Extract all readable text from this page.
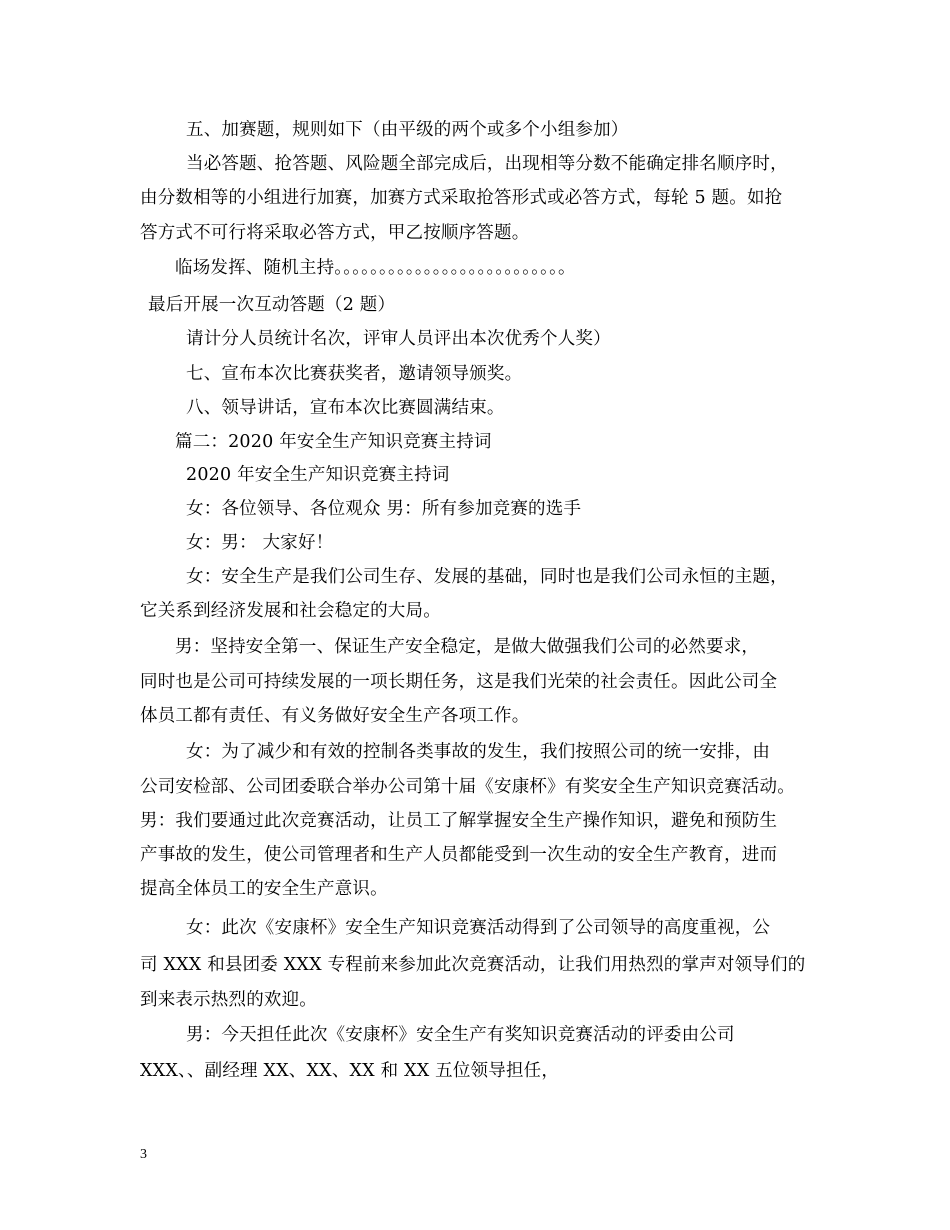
五、加赛题，规则如下（由平级的两个或多个小组参加）
当必答题、抢答题、风险题全部完成后，出现相等分数不能确定排名顺序时，
由分数相等的小组进行加赛，加赛方式采取抢答形式或必答方式，每轮 5 题。如抢
答方式不可行将采取必答方式，甲乙按顺序答题。
临场发挥、随机主持。。。。。。。。。。。。。。。。。。。。。。。。。。
最后开展一次互动答题（2 题）
请计分人员统计名次，评审人员评出本次优秀个人奖）
七、宣布本次比赛获奖者，邀请领导颁奖。
八、领导讲话，宣布本次比赛圆满结束。
篇二：2020 年安全生产知识竞赛主持词
2020 年安全生产知识竞赛主持词
女：各位领导、各位观众 男：所有参加竞赛的选手
女：男： 大家好！
女：安全生产是我们公司生存、发展的基础，同时也是我们公司永恒的主题，
它关系到经济发展和社会稳定的大局。
男：坚持安全第一、保证生产安全稳定，是做大做强我们公司的必然要求，
同时也是公司可持续发展的一项长期任务，这是我们光荣的社会责任。因此公司全
体员工都有责任、有义务做好安全生产各项工作。
女：为了减少和有效的控制各类事故的发生，我们按照公司的统一安排，由
公司安检部、公司团委联合举办公司第十届《安康杯》有奖安全生产知识竞赛活动。
男：我们要通过此次竞赛活动，让员工了解掌握安全生产操作知识，避免和预防生
产事故的发生，使公司管理者和生产人员都能受到一次生动的安全生产教育，进而
提高全体员工的安全生产意识。
女：此次《安康杯》安全生产知识竞赛活动得到了公司领导的高度重视，公
司 XXX 和县团委 XXX 专程前来参加此次竞赛活动，让我们用热烈的掌声对领导们的
到来表示热烈的欢迎。
男：今天担任此次《安康杯》安全生产有奖知识竞赛活动的评委由公司
XXX、、副经理 XX、XX、XX 和 XX 五位领导担任，
3
